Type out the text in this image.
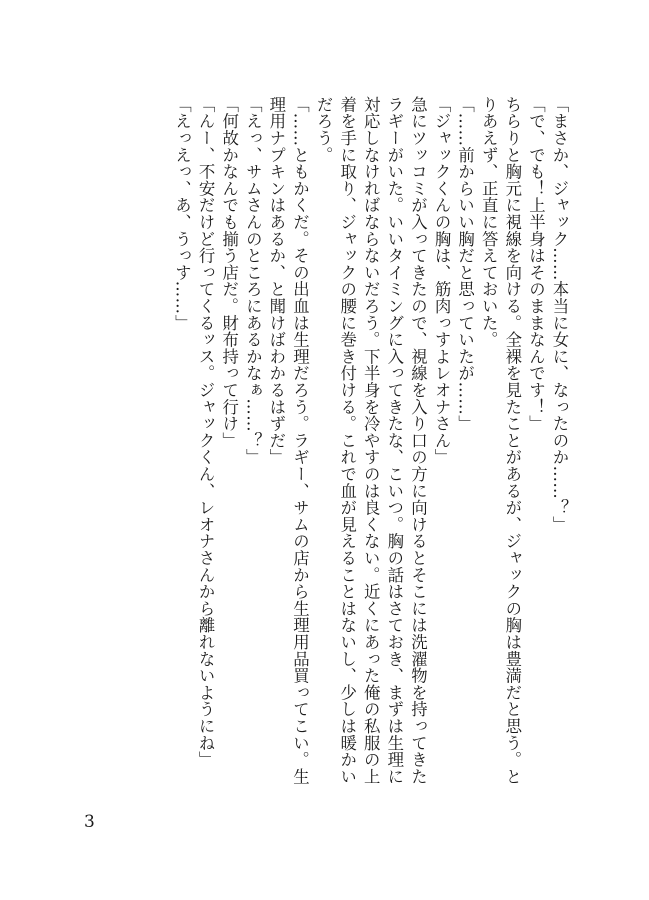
「まさか、ジャック……本当に女に、なったのか……？」

「で、でも！上半身はそのままなんです！」

ちらりと胸元に視線を向ける。全裸を見たことがあるが、ジャックの胸は豊満だと思う。と

りあえず、正直に答えておいた。

「……前からいい胸だと思っていたが……」

「ジャックくんの胸は、筋肉っすよレオナさん」

急にツッコミが入ってきたので、視線を入り口の方に向けるとそこには洗濯物を持ってきた

ラギーがいた。いいタイミングに入ってきたな、こいつ。胸の話はさておき、まずは生理に

対応しなければならないだろう。下半身を冷やすのは良くない。近くにあった俺の私服の上

着を手に取り、ジャックの腰に巻き付ける。これで血が見えることはないし、少しは暖かい

だろう。

「……ともかくだ。その出血は生理だろう。ラギー、サムの店から生理用品買ってこい。生

理用ナプキンはあるか、と聞けばわかるはずだ」

「えっ、サムさんのところにあるかなぁ……？」

「何故かなんでも揃う店だ。財布持って行け」

「んー、不安だけど行ってくるッス。ジャックくん、レオナさんから離れないようにね」

「えっえっ、あ、うっす……」

3
